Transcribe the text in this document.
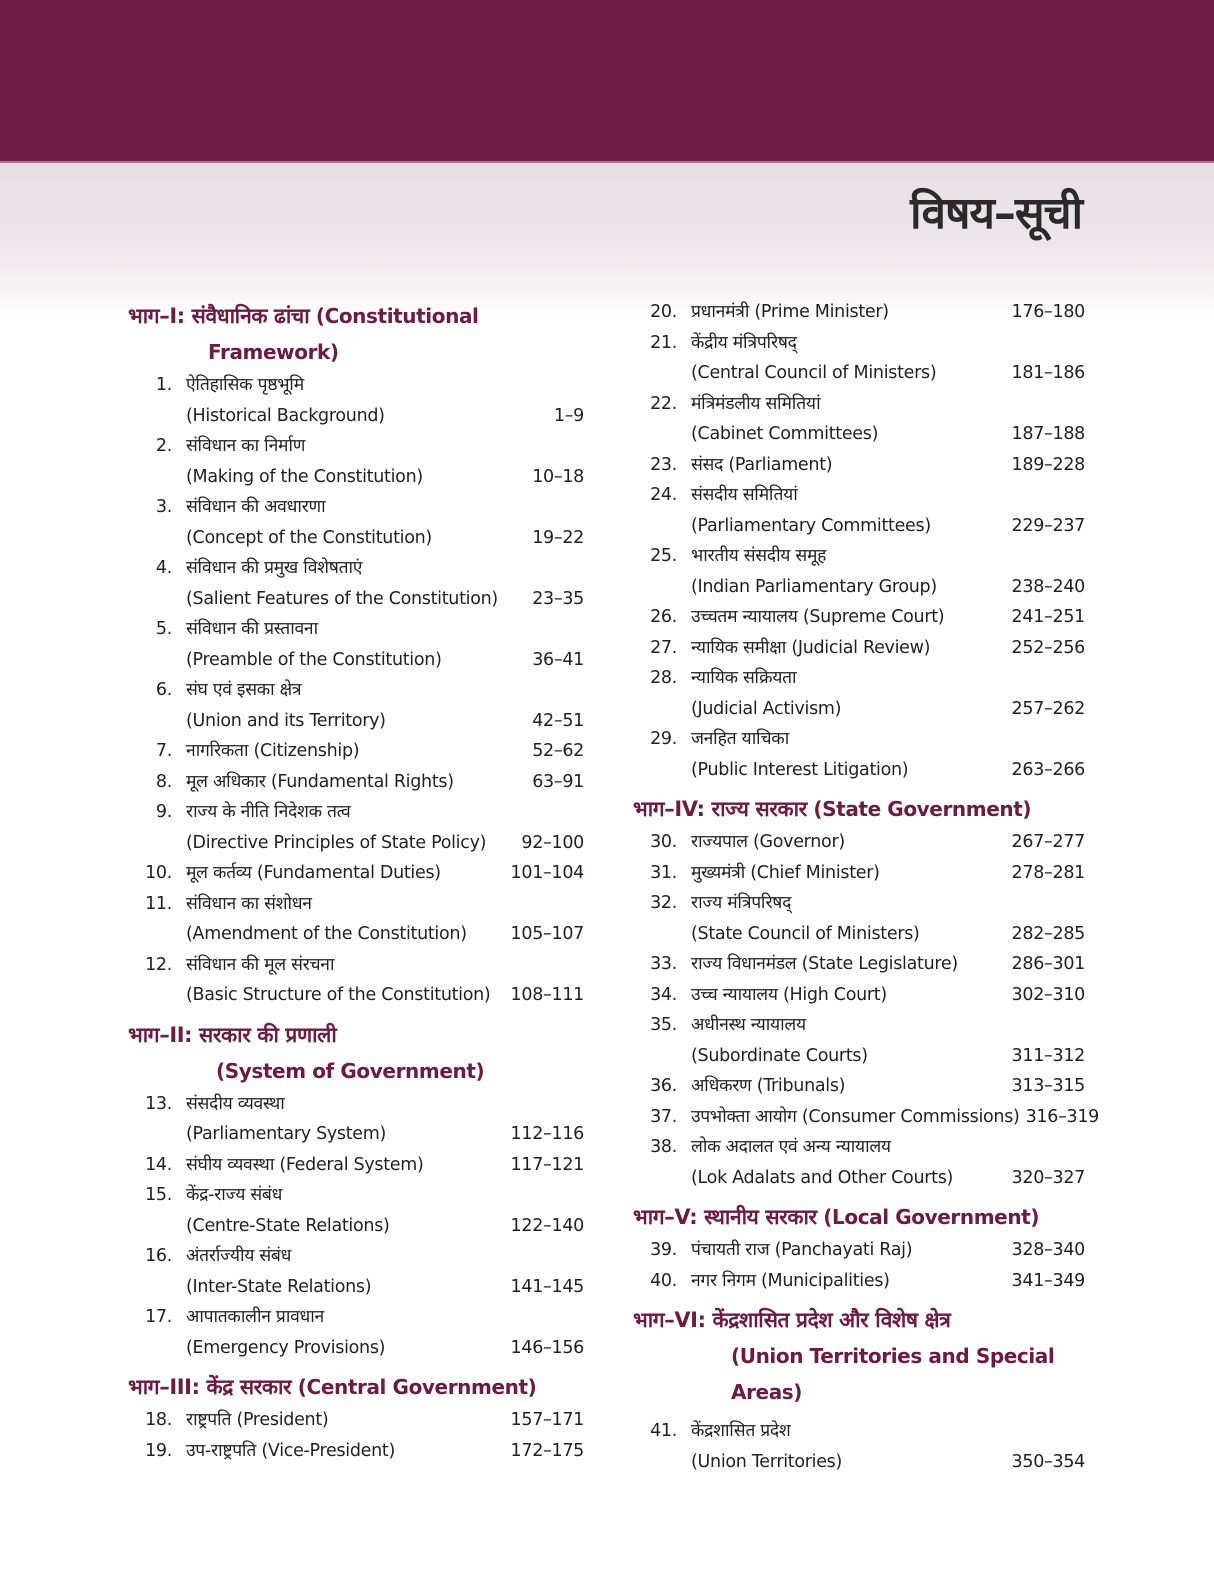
विषय–सूची
भाग–I: संवैधानिक ढांचा (Constitutional
Framework)
1. ऐतिहासिक पृष्ठभूमि
(Historical Background)	1–9
2. संविधान का निर्माण
(Making of the Constitution)	10–18
3. संविधान की अवधारणा
(Concept of the Constitution)	19–22
4. संविधान की प्रमुख विशेषताएं
(Salient Features of the Constitution)	23–35
5. संविधान की प्रस्तावना
(Preamble of the Constitution)	36–41
6. संघ एवं इसका क्षेत्र
(Union and its Territory)	42–51
7. नागरिकता (Citizenship)	52–62
8. मूल अधिकार (Fundamental Rights)	63–91
9. राज्य के नीति निदेशक तत्व
(Directive Principles of State Policy)	92–100
10. मूल कर्तव्य (Fundamental Duties)	101–104
11. संविधान का संशोधन
(Amendment of the Constitution)	105–107
12. संविधान की मूल संरचना
(Basic Structure of the Constitution)	108–111
भाग–II: सरकार की प्रणाली
(System of Government)
13. संसदीय व्यवस्था
(Parliamentary System)	112–116
14. संघीय व्यवस्था (Federal System)	117–121
15. केंद्र-राज्य संबंध
(Centre-State Relations)	122–140
16. अंतर्राज्यीय संबंध
(Inter-State Relations)	141–145
17. आपातकालीन प्रावधान
(Emergency Provisions)	146–156
भाग–III: केंद्र सरकार (Central Government)
18. राष्ट्रपति (President)	157–171
19. उप-राष्ट्रपति (Vice-President)	172–175
20. प्रधानमंत्री (Prime Minister)	176–180
21. केंद्रीय मंत्रिपरिषद्
(Central Council of Ministers)	181–186
22. मंत्रिमंडलीय समितियां
(Cabinet Committees)	187–188
23. संसद (Parliament)	189–228
24. संसदीय समितियां
(Parliamentary Committees)	229–237
25. भारतीय संसदीय समूह
(Indian Parliamentary Group)	238–240
26. उच्चतम न्यायालय (Supreme Court)	241–251
27. न्यायिक समीक्षा (Judicial Review)	252–256
28. न्यायिक सक्रियता
(Judicial Activism)	257–262
29. जनहित याचिका
(Public Interest Litigation)	263–266
भाग–IV: राज्य सरकार (State Government)
30. राज्यपाल (Governor)	267–277
31. मुख्यमंत्री (Chief Minister)	278–281
32. राज्य मंत्रिपरिषद्
(State Council of Ministers)	282–285
33. राज्य विधानमंडल (State Legislature)	286–301
34. उच्च न्यायालय (High Court)	302–310
35. अधीनस्थ न्यायालय
(Subordinate Courts)	311–312
36. अधिकरण (Tribunals)	313–315
37. उपभोक्ता आयोग (Consumer Commissions) 316–319
38. लोक अदालत एवं अन्य न्यायालय
(Lok Adalats and Other Courts)	320–327
भाग–V: स्थानीय सरकार (Local Government)
39. पंचायती राज (Panchayati Raj)	328–340
40. नगर निगम (Municipalities)	341–349
भाग–VI: केंद्रशासित प्रदेश और विशेष क्षेत्र
(Union Territories and Special
Areas)
41. केंद्रशासित प्रदेश
(Union Territories)	350–354
